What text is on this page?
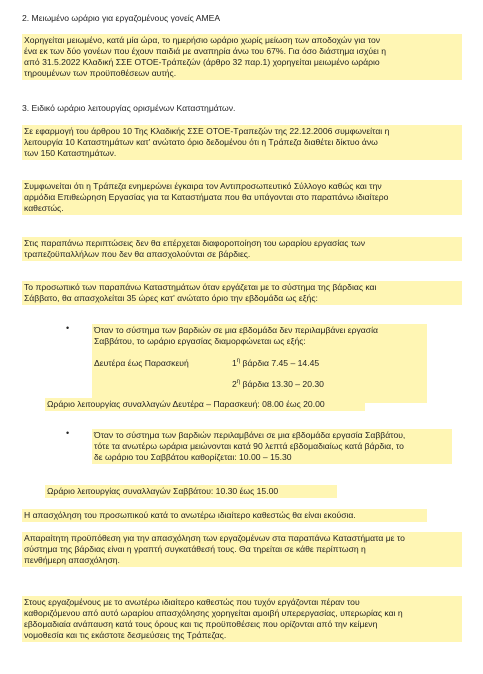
2. Μειωμένο ωράριο για εργαζομένους γονείς ΑΜΕΑ
Χορηγείται μειωμένο, κατά μία ώρα, το ημερήσιο ωράριο χωρίς μείωση των αποδοχών για τον
ένα εκ των δύο γονέων που έχουν παιδιά με αναπηρία άνω του 67%. Για όσο διάστημα ισχύει η
από 31.5.2022 Κλαδική ΣΣΕ ΟΤΟΕ-Τράπεζών (άρθρο 32 παρ.1) χορηγείται μειωμένο ωράριο
τηρουμένων των προϋποθέσεων αυτής.
3. Ειδικό ωράριο λειτουργίας ορισμένων Καταστημάτων.
Σε εφαρμογή του άρθρου 10 Της Κλαδικής ΣΣΕ ΟΤΟΕ-Τραπεζών της 22.12.2006 συμφωνείται η
λειτουργία 10 Καταστημάτων κατ' ανώτατο όριο δεδομένου ότι η Τράπεζα διαθέτει δίκτυο άνω
των 150 Καταστημάτων.
Συμφωνείται ότι η Τράπεζα ενημερώνει έγκαιρα τον Αντιπροσωπευτικό Σύλλογο καθώς και την
αρμόδια Επιθεώρηση Εργασίας για τα Καταστήματα που θα υπάγονται στο παραπάνω ιδιαίτερο
καθεστώς.
Στις παραπάνω περιπτώσεις δεν θα επέρχεται διαφοροποίηση του ωραρίου εργασίας των
τραπεζοϋπαλλήλων που δεν θα απασχολούνται σε βάρδιες.
Το προσωπικό των παραπάνω Καταστημάτων όταν εργάζεται με το σύστημα της βάρδιας και
Σάββατο, θα απασχολείται 35 ώρες κατ' ανώτατο όριο την εβδομάδα ως εξής:
•	Όταν το σύστημα των βαρδιών σε μια εβδομάδα δεν περιλαμβάνει εργασία
Σαββάτου, το ωράριο εργασίας διαμορφώνεται ως εξής:
Δευτέρα έως Παρασκευή	$1^\eta$ βάρδια 7.45 – 14.45
$2^\eta$ βάρδια 13.30 – 20.30
Ωράριο λειτουργίας συναλλαγών Δευτέρα – Παρασκευή: 08.00 έως 20.00
•	Όταν το σύστημα των βαρδιών περιλαμβάνει σε μια εβδομάδα εργασία Σαββάτου,
τότε τα ανωτέρω ωράρια μειώνονται κατά 90 λεπτά εβδομαδιαίως κατά βάρδια, το
δε ωράριο του Σαββάτου καθορίζεται: 10.00 – 15.30
Ωράριο λειτουργίας συναλλαγών Σαββάτου: 10.30 έως 15.00
Η απασχόληση του προσωπικού κατά το ανωτέρω ιδιαίτερο καθεστώς θα είναι εκούσια.
Απαραίτητη προϋπόθεση για την απασχόληση των εργαζομένων στα παραπάνω Καταστήματα με το
σύστημα της βάρδιας είναι η γραπτή συγκατάθεσή τους. Θα τηρείται σε κάθε περίπτωση η
πενθήμερη απασχόληση.
Στους εργαζομένους με το ανωτέρω ιδιαίτερο καθεστώς που τυχόν εργάζονται πέραν του
καθοριζόμενου από αυτό ωραρίου απασχόλησης χορηγείται αμοιβή υπερεργασίας, υπερωρίας και η
εβδομαδιαία ανάπαυση κατά τους όρους και τις προϋποθέσεις που ορίζονται από την κείμενη
νομοθεσία και τις εκάστοτε δεσμεύσεις της Τράπεζας.
